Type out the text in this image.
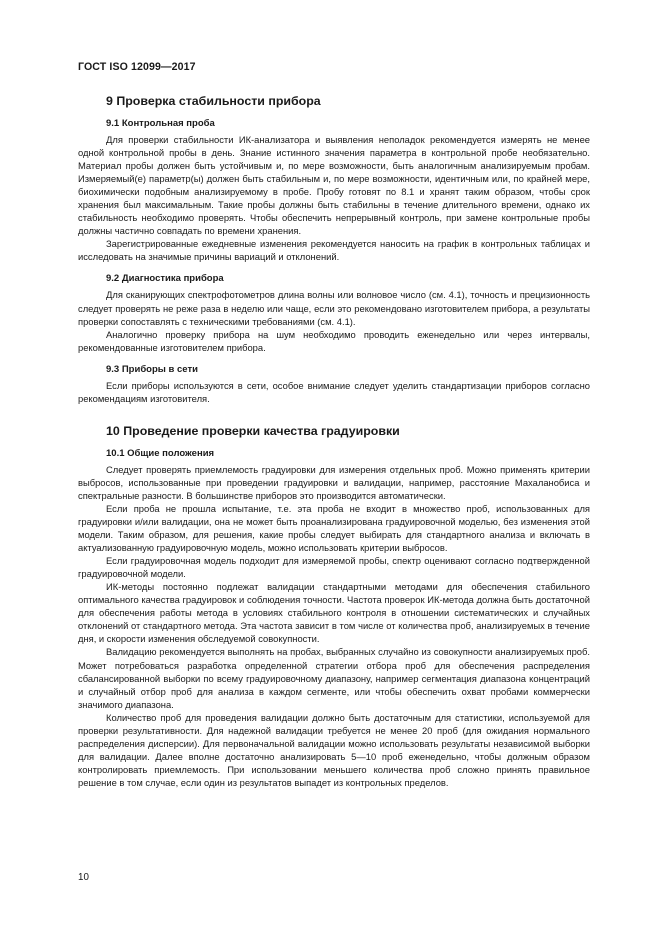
ГОСТ ISO 12099—2017
9 Проверка стабильности прибора
9.1 Контрольная проба

Для проверки стабильности ИК-анализатора и выявления неполадок рекомендуется измерять не менее одной контрольной пробы в день. Знание истинного значения параметра в контрольной пробе необязательно. Материал пробы должен быть устойчивым и, по мере возможности, быть аналогичным анализируемым пробам. Измеряемый(е) параметр(ы) должен быть стабильным и, по мере возможности, идентичным или, по крайней мере, биохимически подобным анализируемому в пробе. Пробу готовят по 8.1 и хранят таким образом, чтобы срок хранения был максимальным. Такие пробы должны быть стабильны в течение длительного времени, однако их стабильность необходимо проверять. Чтобы обеспечить непрерывный контроль, при замене контрольные пробы должны частично совпадать по времени хранения.

Зарегистрированные ежедневные изменения рекомендуется наносить на график в контрольных таблицах и исследовать на значимые причины вариаций и отклонений.

9.2 Диагностика прибора

Для сканирующих спектрофотометров длина волны или волновое число (см. 4.1), точность и прецизионность следует проверять не реже раза в неделю или чаще, если это рекомендовано изготовителем прибора, а результаты проверки сопоставлять с техническими требованиями (см. 4.1).

Аналогично проверку прибора на шум необходимо проводить еженедельно или через интервалы, рекомендованные изготовителем прибора.

9.3 Приборы в сети

Если приборы используются в сети, особое внимание следует уделить стандартизации приборов согласно рекомендациям изготовителя.

10 Проведение проверки качества градуировки
10.1 Общие положения

Следует проверять приемлемость градуировки для измерения отдельных проб. Можно применять критерии выбросов, использованные при проведении градуировки и валидации, например, расстояние Махаланобиса и спектральные разности. В большинстве приборов это производится автоматически.

Если проба не прошла испытание, т.е. эта проба не входит в множество проб, использованных для градуировки и/или валидации, она не может быть проанализирована градуировочной моделью, без изменения этой модели. Таким образом, для решения, какие пробы следует выбирать для стандартного анализа и включать в актуализованную градуировочную модель, можно использовать критерии выбросов.

Если градуировочная модель подходит для измеряемой пробы, спектр оценивают согласно подтвержденной градуировочной модели.

ИК-методы постоянно подлежат валидации стандартными методами для обеспечения стабильного оптимального качества градуировок и соблюдения точности. Частота проверок ИК-метода должна быть достаточной для обеспечения работы метода в условиях стабильного контроля в отношении систематических и случайных отклонений от стандартного метода. Эта частота зависит в том числе от количества проб, анализируемых в течение дня, и скорости изменения обследуемой совокупности.

Валидацию рекомендуется выполнять на пробах, выбранных случайно из совокупности анализируемых проб. Может потребоваться разработка определенной стратегии отбора проб для обеспечения распределения сбалансированной выборки по всему градуировочному диапазону, например сегментация диапазона концентраций и случайный отбор проб для анализа в каждом сегменте, или чтобы обеспечить охват пробами коммерчески значимого диапазона.

Количество проб для проведения валидации должно быть достаточным для статистики, используемой для проверки результативности. Для надежной валидации требуется не менее 20 проб (для ожидания нормального распределения дисперсии). Для первоначальной валидации можно использовать результаты независимой выборки для валидации. Далее вполне достаточно анализировать 5—10 проб еженедельно, чтобы должным образом контролировать приемлемость. При использовании меньшего количества проб сложно принять правильное решение в том случае, если один из результатов выпадет из контрольных пределов.

10
